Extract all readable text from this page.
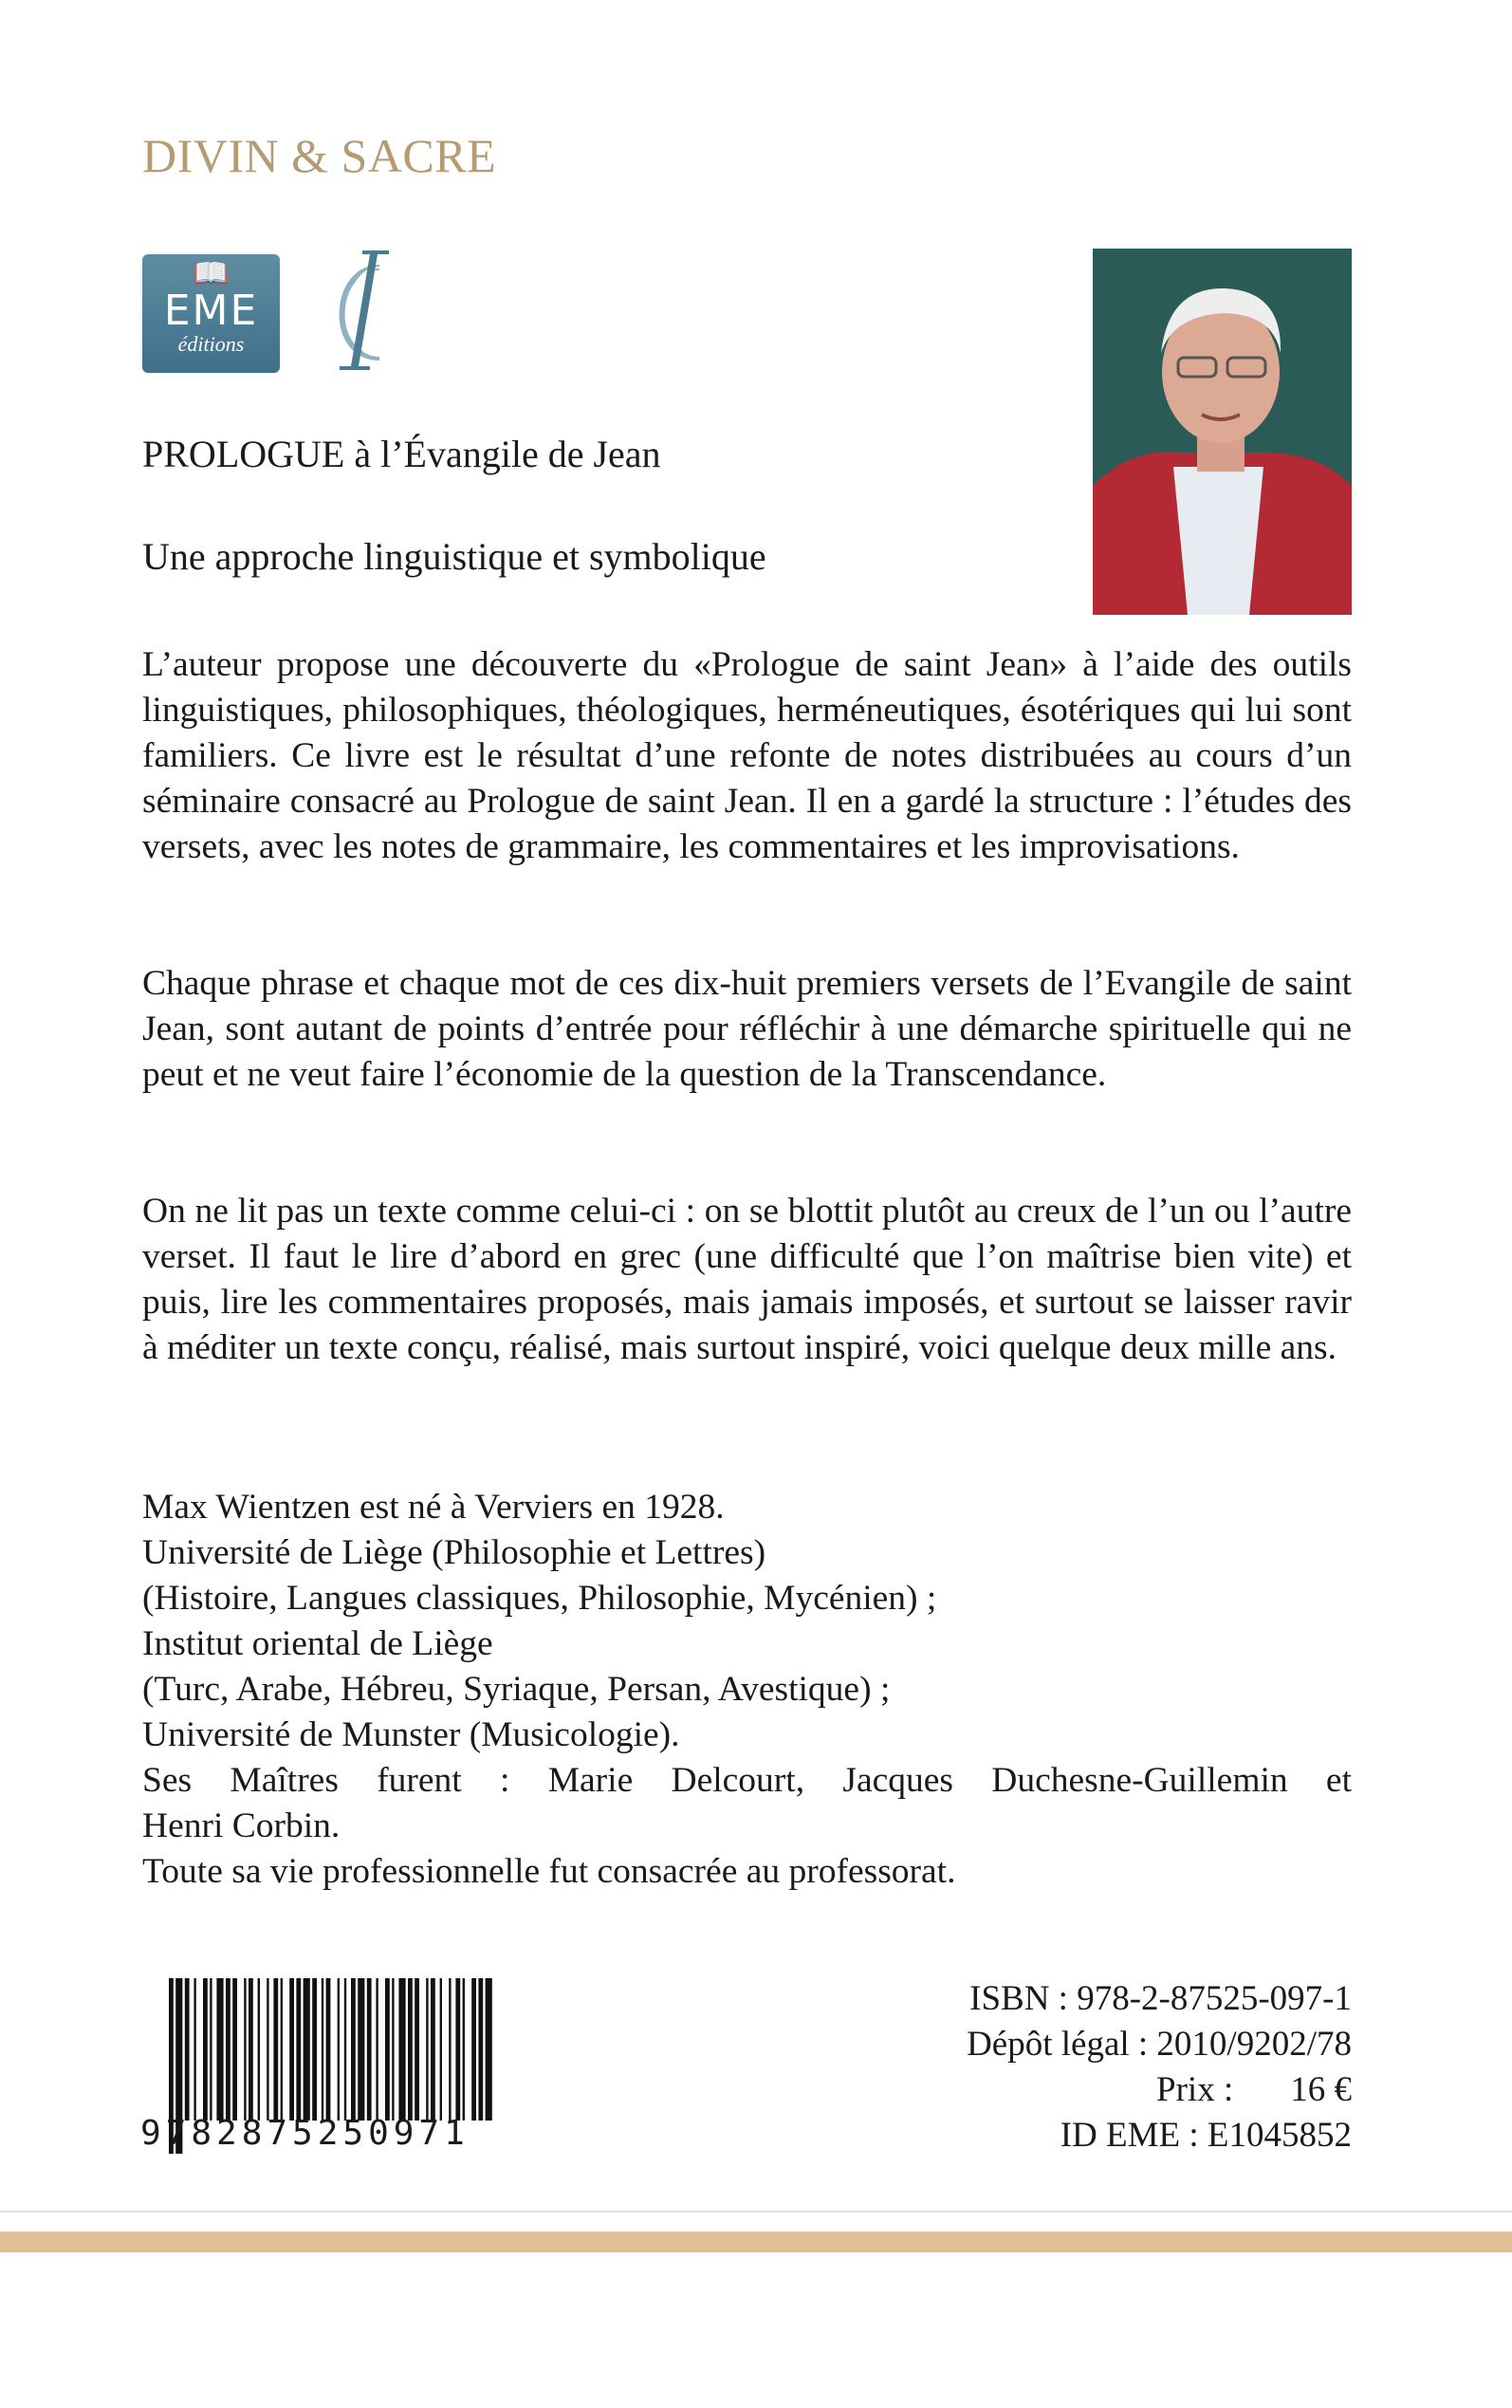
DIVIN & SACRE
📖
EME
éditions
PROLOGUE à l’Évangile de Jean
Une approche linguistique et symbolique
L’auteur propose une découverte du «Prologue de saint Jean» à l’aide des outils linguistiques, philosophiques, théologiques, herméneutiques, ésotériques qui lui sont familiers. Ce livre est le résultat d’une refonte de notes distribuées au cours d’un séminaire consacré au Prologue de saint Jean. Il en a gardé la structure : l’études des versets, avec les notes de grammaire, les commentaires et les improvisations.
Chaque phrase et chaque mot de ces dix-huit premiers versets de l’Evangile de saint Jean, sont autant de points d’entrée pour réfléchir à une démarche spirituelle qui ne peut et ne veut faire l’économie de la question de la Transcendance.
On ne lit pas un texte comme celui-ci : on se blottit plutôt au creux de l’un ou l’autre verset. Il faut le lire d’abord en grec (une difficulté que l’on maîtrise bien vite) et puis, lire les commentaires proposés, mais jamais imposés, et surtout se laisser ravir à méditer un texte conçu, réalisé, mais surtout inspiré, voici quelque deux mille ans.
Max Wientzen est né à Verviers en 1928.
Université de Liège (Philosophie et Lettres)
(Histoire, Langues classiques, Philosophie, Mycénien) ;
Institut oriental de Liège
(Turc, Arabe, Hébreu, Syriaque, Persan, Avestique) ;
Université de Munster (Musicologie).
Ses Maîtres furent : Marie Delcourt, Jacques Duchesne-Guillemin et
Henri Corbin.
Toute sa vie professionnelle fut consacrée au professorat.
9782875250971
ISBN : 978-2-87525-097-1
Dépôt légal : 2010/9202/78
Prix : 16 €
ID EME : E1045852
